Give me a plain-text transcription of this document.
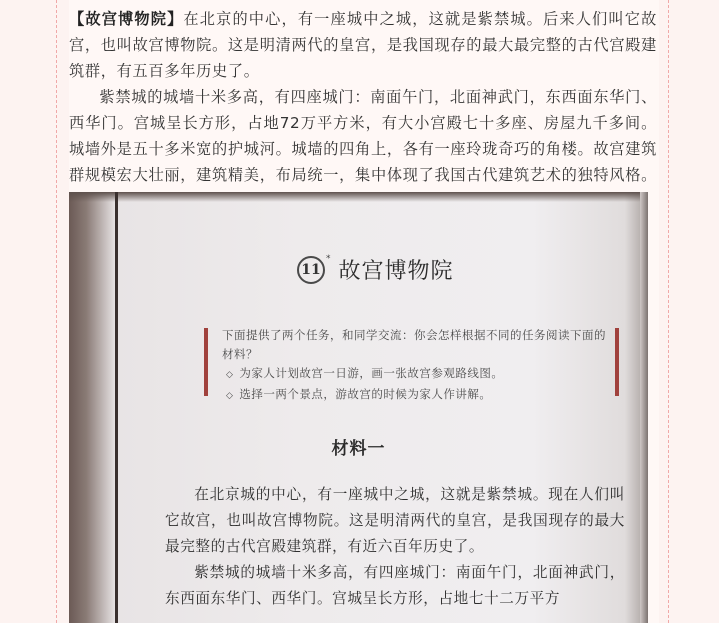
【故宫博物院】在北京的中心，有一座城中之城，这就是紫禁城。后来人们叫它故宫，也叫故宫博物院。这是明清两代的皇宫，是我国现存的最大最完整的古代宫殿建筑群，有五百多年历史了。

紫禁城的城墙十米多高，有四座城门：南面午门，北面神武门，东西面东华门、西华门。宫城呈长方形，占地72万平方米，有大小宫殿七十多座、房屋九千多间。城墙外是五十多米宽的护城河。城墙的四角上，各有一座玲珑奇巧的角楼。故宫建筑群规模宏大壮丽，建筑精美，布局统一，集中体现了我国古代建筑艺术的独特风格。

11
* 故宫博物院
下面提供了两个任务，和同学交流：你会怎样根据不同的任务阅读下面的材料？
◇ 为家人计划故宫一日游，画一张故宫参观路线图。
◇ 选择一两个景点，游故宫的时候为家人作讲解。
材料一

在北京城的中心，有一座城中之城，这就是紫禁城。现在人们叫它故宫，也叫故宫博物院。这是明清两代的皇宫，是我国现存的最大最完整的古代宫殿建筑群，有近六百年历史了。

紫禁城的城墙十米多高，有四座城门：南面午门，北面神武门，东西面东华门、西华门。宫城呈长方形，占地七十二万平方
